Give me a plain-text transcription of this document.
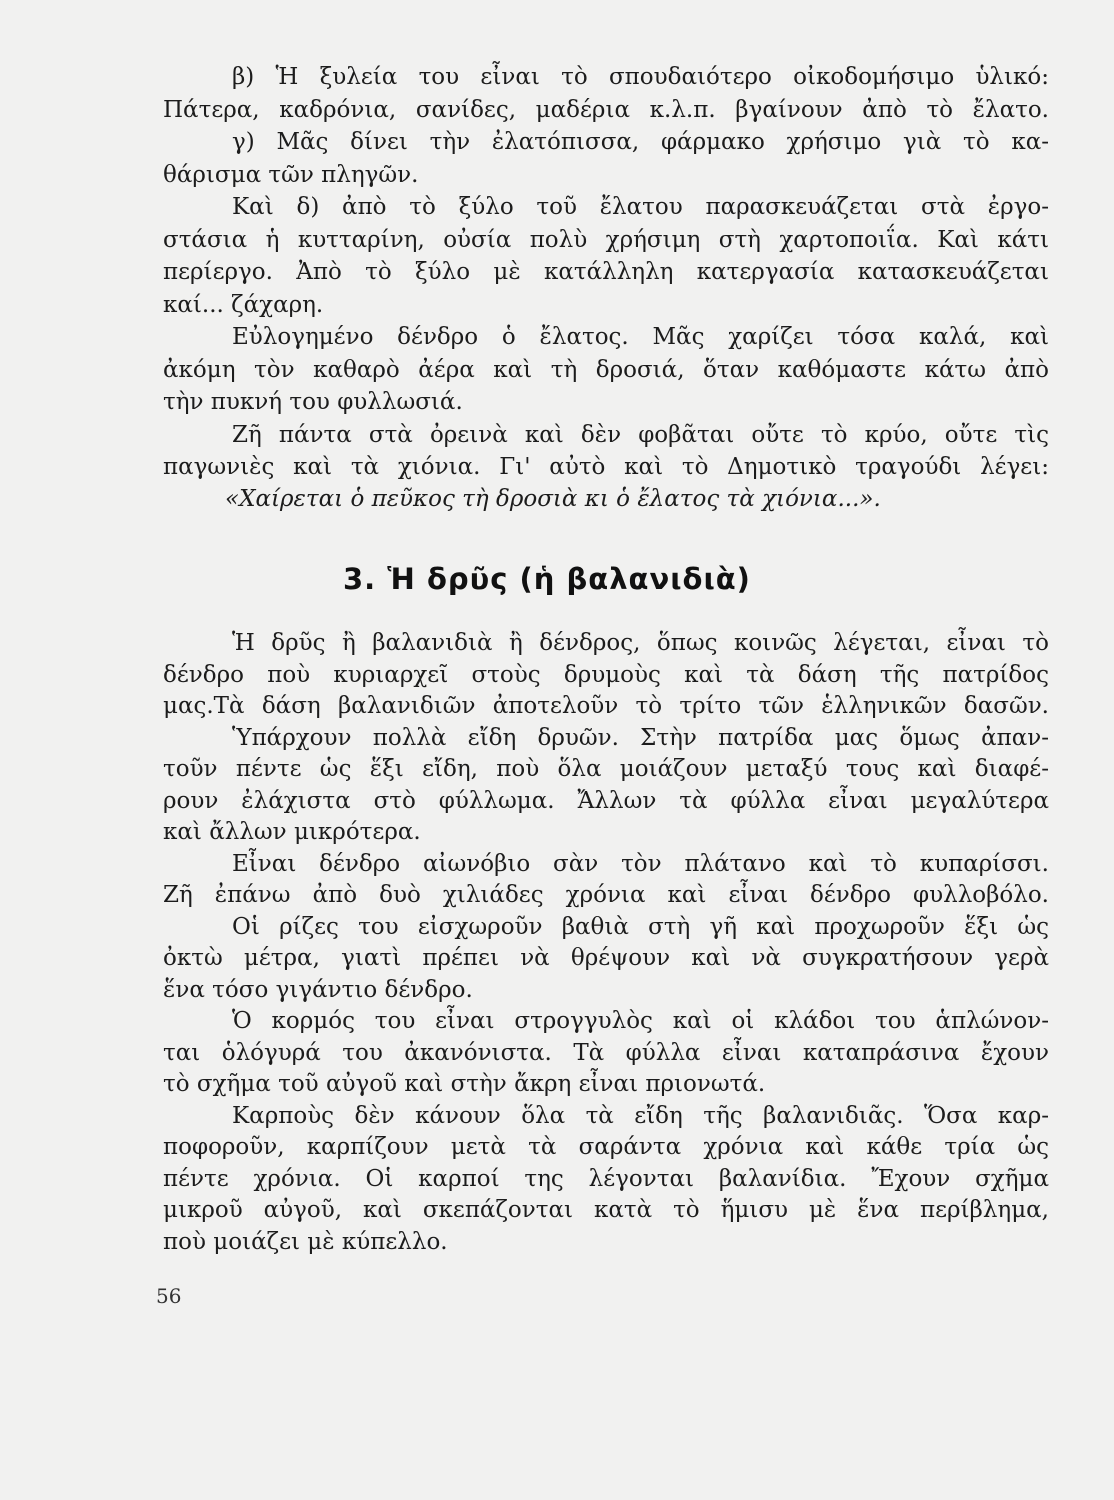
β) Ἡ ξυλεία του εἶναι τὸ σπουδαιότερο οἰκοδομήσιμο ὑλικό:
Πάτερα, καδρόνια, σανίδες, μαδέρια κ.λ.π. βγαίνουν ἀπὸ τὸ ἔλατο.
γ) Μᾶς δίνει τὴν ἐλατόπισσα, φάρμακο χρήσιμο γιὰ τὸ κα-
θάρισμα τῶν πληγῶν.
Καὶ δ) ἀπὸ τὸ ξύλο τοῦ ἔλατου παρασκευάζεται στὰ ἐργο-
στάσια ἡ κυτταρίνη, οὐσία πολὺ χρήσιμη στὴ χαρτοποιΐα. Καὶ κάτι
περίεργο. Ἀπὸ τὸ ξύλο μὲ κατάλληλη κατεργασία κατασκευάζεται
καί... ζάχαρη.
Εὐλογημένο δένδρο ὁ ἔλατος. Μᾶς χαρίζει τόσα καλά, καὶ
ἀκόμη τὸν καθαρὸ ἀέρα καὶ τὴ δροσιά, ὅταν καθόμαστε κάτω ἀπὸ
τὴν πυκνή του φυλλωσιά.
Ζῆ πάντα στὰ ὀρεινὰ καὶ δὲν φοβᾶται οὔτε τὸ κρύο, οὔτε τὶς
παγωνιὲς καὶ τὰ χιόνια. Γι' αὐτὸ καὶ τὸ Δημοτικὸ τραγούδι λέγει:
«Χαίρεται ὁ πεῦκος τὴ δροσιὰ κι ὁ ἔλατος τὰ χιόνια...».
3. Ἡ δρῦς (ἡ βαλανιδιὰ)
Ἡ δρῦς ἢ βαλανιδιὰ ἢ δένδρος, ὅπως κοινῶς λέγεται, εἶναι τὸ
δένδρο ποὺ κυριαρχεῖ στοὺς δρυμοὺς καὶ τὰ δάση τῆς πατρίδος
μας.Τὰ δάση βαλανιδιῶν ἀποτελοῦν τὸ τρίτο τῶν ἑλληνικῶν δασῶν.
Ὑπάρχουν πολλὰ εἴδη δρυῶν. Στὴν πατρίδα μας ὅμως ἀπαν-
τοῦν πέντε ὡς ἕξι εἴδη, ποὺ ὅλα μοιάζουν μεταξύ τους καὶ διαφέ-
ρουν ἐλάχιστα στὸ φύλλωμα. Ἄλλων τὰ φύλλα εἶναι μεγαλύτερα
καὶ ἄλλων μικρότερα.
Εἶναι δένδρο αἰωνόβιο σὰν τὸν πλάτανο καὶ τὸ κυπαρίσσι.
Ζῆ ἐπάνω ἀπὸ δυὸ χιλιάδες χρόνια καὶ εἶναι δένδρο φυλλοβόλο.
Οἱ ρίζες του εἰσχωροῦν βαθιὰ στὴ γῆ καὶ προχωροῦν ἕξι ὡς
ὀκτὼ μέτρα, γιατὶ πρέπει νὰ θρέψουν καὶ νὰ συγκρατήσουν γερὰ
ἕνα τόσο γιγάντιο δένδρο.
Ὁ κορμός του εἶναι στρογγυλὸς καὶ οἱ κλάδοι του ἁπλώνον-
ται ὁλόγυρά του ἀκανόνιστα. Τὰ φύλλα εἶναι καταπράσινα ἔχουν
τὸ σχῆμα τοῦ αὐγοῦ καὶ στὴν ἄκρη εἶναι πριονωτά.
Καρποὺς δὲν κάνουν ὅλα τὰ εἴδη τῆς βαλανιδιᾶς. Ὅσα καρ-
ποφοροῦν, καρπίζουν μετὰ τὰ σαράντα χρόνια καὶ κάθε τρία ὡς
πέντε χρόνια. Οἱ καρποί της λέγονται βαλανίδια. Ἔχουν σχῆμα
μικροῦ αὐγοῦ, καὶ σκεπάζονται κατὰ τὸ ἥμισυ μὲ ἕνα περίβλημα,
ποὺ μοιάζει μὲ κύπελλο.
56
